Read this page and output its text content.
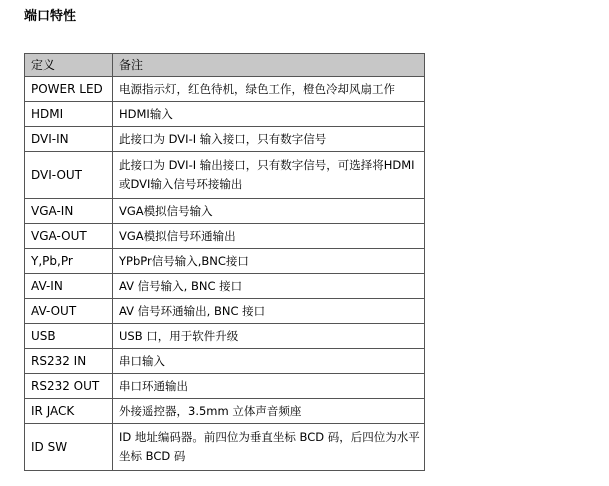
端口特性
定义	备注
POWER LED	电源指示灯，红色待机，绿色工作，橙色冷却风扇工作
HDMI	HDMI输入
DVI-IN	此接口为 DVI-I 输入接口，只有数字信号
DVI-OUT	此接口为 DVI-I 输出接口，只有数字信号，可选择将HDMI或DVI输入信号环接输出
VGA-IN	VGA模拟信号输入
VGA-OUT	VGA模拟信号环通输出
Y,Pb,Pr	YPbPr信号输入,BNC接口
AV-IN	AV 信号输入, BNC 接口
AV-OUT	AV 信号环通输出, BNC 接口
USB	USB 口，用于软件升级
RS232 IN	串口输入
RS232 OUT	串口环通输出
IR JACK	外接遥控器，3.5mm 立体声音频座
ID SW	ID 地址编码器。前四位为垂直坐标 BCD 码，后四位为水平坐标 BCD 码
